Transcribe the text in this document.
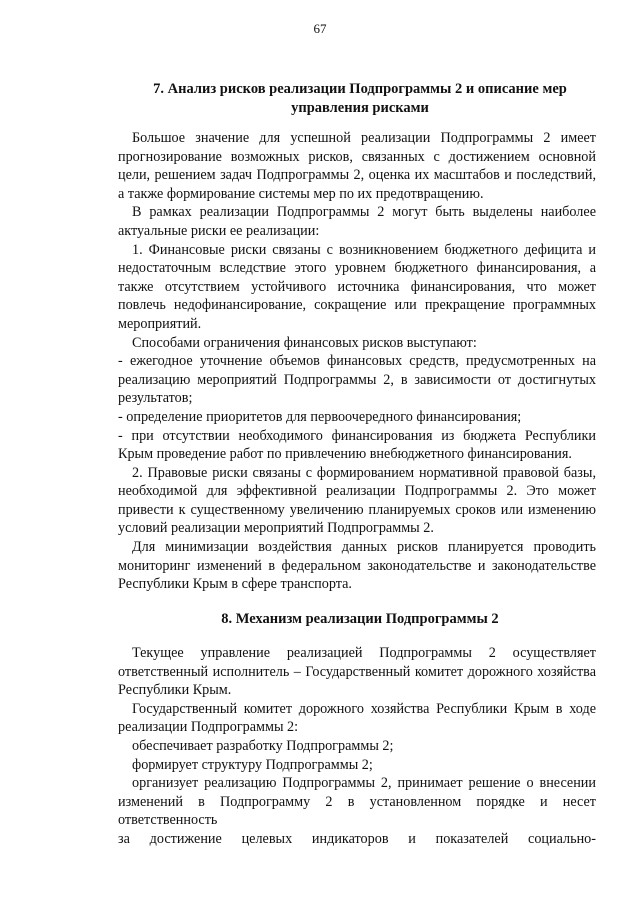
67
7. Анализ рисков реализации Подпрограммы 2 и описание мер
управления рисками

Большое значение для успешной реализации Подпрограммы 2 имеет прогнозирование возможных рисков, связанных с достижением основной цели, решением задач Подпрограммы 2, оценка их масштабов и последствий, а также формирование системы мер по их предотвращению.

В рамках реализации Подпрограммы 2 могут быть выделены наиболее актуальные риски ее реализации:

1. Финансовые риски связаны с возникновением бюджетного дефицита и недостаточным вследствие этого уровнем бюджетного финансирования, а также отсутствием устойчивого источника финансирования, что может повлечь недофинансирование, сокращение или прекращение программных мероприятий.

Способами ограничения финансовых рисков выступают:

- ежегодное уточнение объемов финансовых средств, предусмотренных на реализацию мероприятий Подпрограммы 2, в зависимости от достигнутых результатов;

- определение приоритетов для первоочередного финансирования;

- при отсутствии необходимого финансирования из бюджета Республики Крым проведение работ по привлечению внебюджетного финансирования.

2. Правовые риски связаны с формированием нормативной правовой базы, необходимой для эффективной реализации Подпрограммы 2. Это может привести к существенному увеличению планируемых сроков или изменению условий реализации мероприятий Подпрограммы 2.

Для минимизации воздействия данных рисков планируется проводить мониторинг изменений в федеральном законодательстве и законодательстве Республики Крым в сфере транспорта.

8. Механизм реализации Подпрограммы 2

Текущее управление реализацией Подпрограммы 2 осуществляет ответственный исполнитель – Государственный комитет дорожного хозяйства Республики Крым.

Государственный комитет дорожного хозяйства Республики Крым в ходе реализации Подпрограммы 2:

обеспечивает разработку Подпрограммы 2;

формирует структуру Подпрограммы 2;

организует реализацию Подпрограммы 2, принимает решение о внесении изменений в Подпрограмму 2 в установленном порядке и несет ответственность

за достижение целевых индикаторов и показателей социально-
